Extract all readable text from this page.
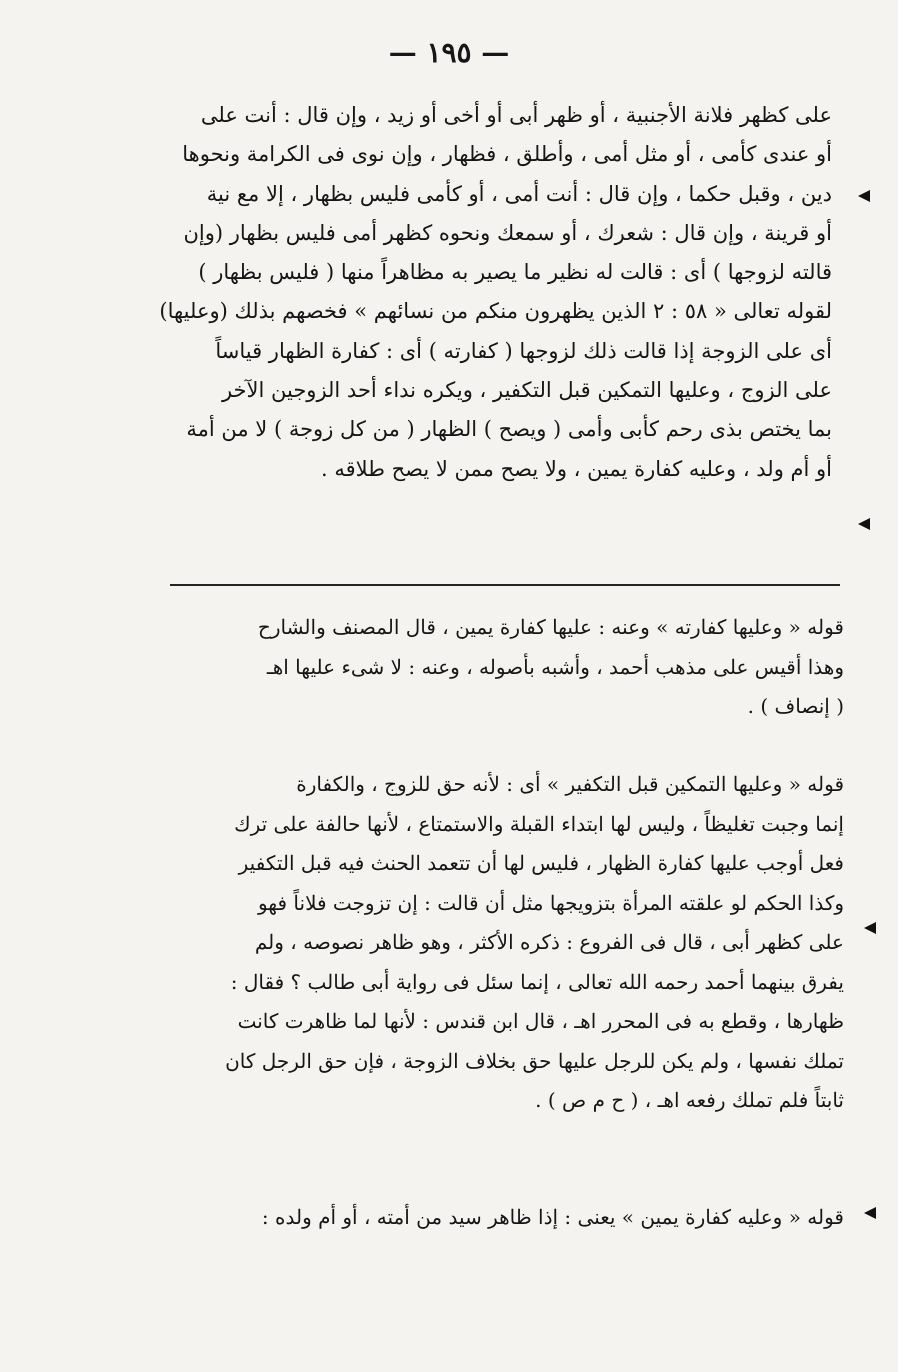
— ١٩٥ —
على كظهر فلانة الأجنبية ، أو ظهر أبى أو أخى أو زيد ، وإن قال : أنت على
أو عندى كأمى ، أو مثل أمى ، وأطلق ، فظهار ، وإن نوى فى الكرامة ونحوها
دين ، وقبل حكما ، وإن قال : أنت أمى ، أو كأمى فليس بظهار ، إلا مع نية
أو قرينة ، وإن قال : شعرك ، أو سمعك ونحوه كظهر أمى فليس بظهار (وإن
قالته لزوجها ) أى : قالت له نظير ما يصير به مظاهراً منها ( فليس بظهار )
لقوله تعالى « ٥٨ : ٢ الذين يظهرون منكم من نسائهم » فخصهم بذلك (وعليها)
أى على الزوجة إذا قالت ذلك لزوجها ( كفارته ) أى : كفارة الظهار قياساً
على الزوج ، وعليها التمكين قبل التكفير ، ويكره نداء أحد الزوجين الآخر
بما يختص بذى رحم كأبى وأمى ( ويصح ) الظهار ( من كل زوجة ) لا من أمة
أو أم ولد ، وعليه كفارة يمين ، ولا يصح ممن لا يصح طلاقه .
قوله « وعليها كفارته » وعنه : عليها كفارة يمين ، قال المصنف والشارح
وهذا أقيس على مذهب أحمد ، وأشبه بأصوله ، وعنه : لا شىء عليها اهـ
( إنصاف ) .
قوله « وعليها التمكين قبل التكفير » أى : لأنه حق للزوج ، والكفارة
إنما وجبت تغليظاً ، وليس لها ابتداء القبلة والاستمتاع ، لأنها حالفة على ترك
فعل أوجب عليها كفارة الظهار ، فليس لها أن تتعمد الحنث فيه قبل التكفير
وكذا الحكم لو علقته المرأة بتزويجها مثل أن قالت : إن تزوجت فلاناً فهو
على كظهر أبى ، قال فى الفروع : ذكره الأكثر ، وهو ظاهر نصوصه ، ولم
يفرق بينهما أحمد رحمه الله تعالى ، إنما سئل فى رواية أبى طالب ؟ فقال :
ظهارها ، وقطع به فى المحرر اهـ ، قال ابن قندس : لأنها لما ظاهرت كانت
تملك نفسها ، ولم يكن للرجل عليها حق بخلاف الزوجة ، فإن حق الرجل كان
ثابتاً فلم تملك رفعه اهـ ، ( ح م ص ) .
قوله « وعليه كفارة يمين » يعنى : إذا ظاهر سيد من أمته ، أو أم ولده :
